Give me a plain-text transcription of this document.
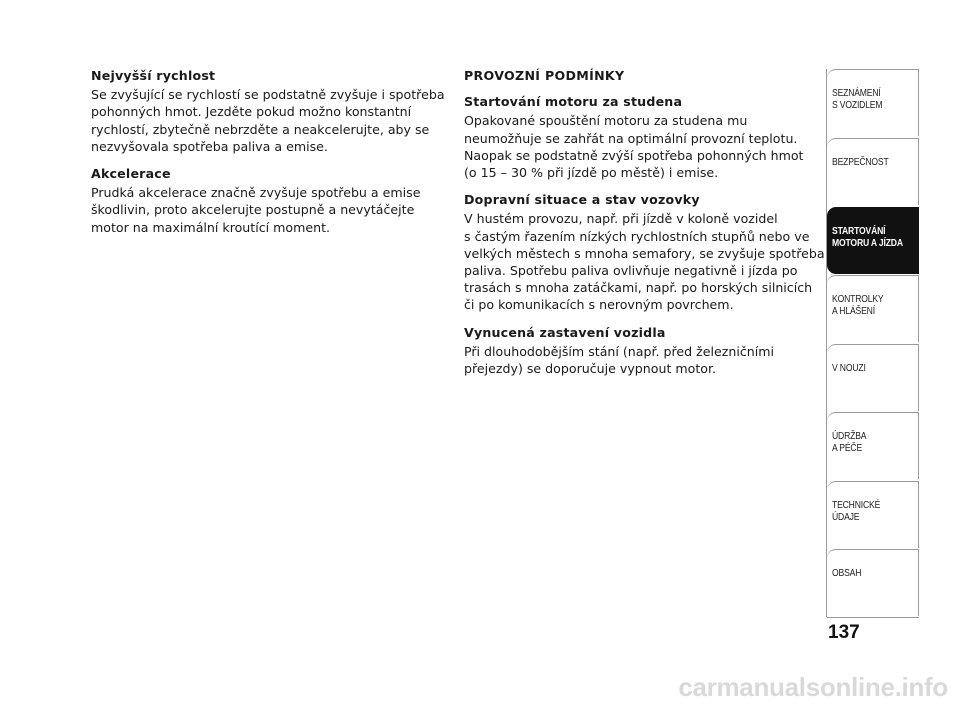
Nejvyšší rychlost
Se zvyšující se rychlostí se podstatně zvyšuje i spotřeba
pohonných hmot. Jezděte pokud možno konstantní
rychlostí, zbytečně nebrzděte a neakcelerujte, aby se
nezvyšovala spotřeba paliva a emise.
Akcelerace
Prudká akcelerace značně zvyšuje spotřebu a emise
škodlivin, proto akcelerujte postupně a nevytáčejte
motor na maximální kroutící moment.
PROVOZNÍ PODMÍNKY
Startování motoru za studena
Opakované spouštění motoru za studena mu
neumožňuje se zahřát na optimální provozní teplotu.
Naopak se podstatně zvýší spotřeba pohonných hmot
(o 15 – 30 % při jízdě po městě) i emise.
Dopravní situace a stav vozovky
V hustém provozu, např. při jízdě v koloně vozidel
s častým řazením nízkých rychlostních stupňů nebo ve
velkých městech s mnoha semafory, se zvyšuje spotřeba
paliva. Spotřebu paliva ovlivňuje negativně i jízda po
trasách s mnoha zatáčkami, např. po horských silnicích
či po komunikacích s nerovným povrchem.
Vynucená zastavení vozidla
Při dlouhodobějším stání (např. před železničními
přejezdy) se doporučuje vypnout motor.
SEZNÁMENÍ
S VOZIDLEM
BEZPEČNOST
STARTOVÁNÍ
MOTORU A JÍZDA
KONTROLKY
A HLÁŠENÍ
V NOUZI
ÚDRŽBA
A PÉČE
TECHNICKÉ
ÚDAJE
OBSAH
137
carmanualsonline.info
